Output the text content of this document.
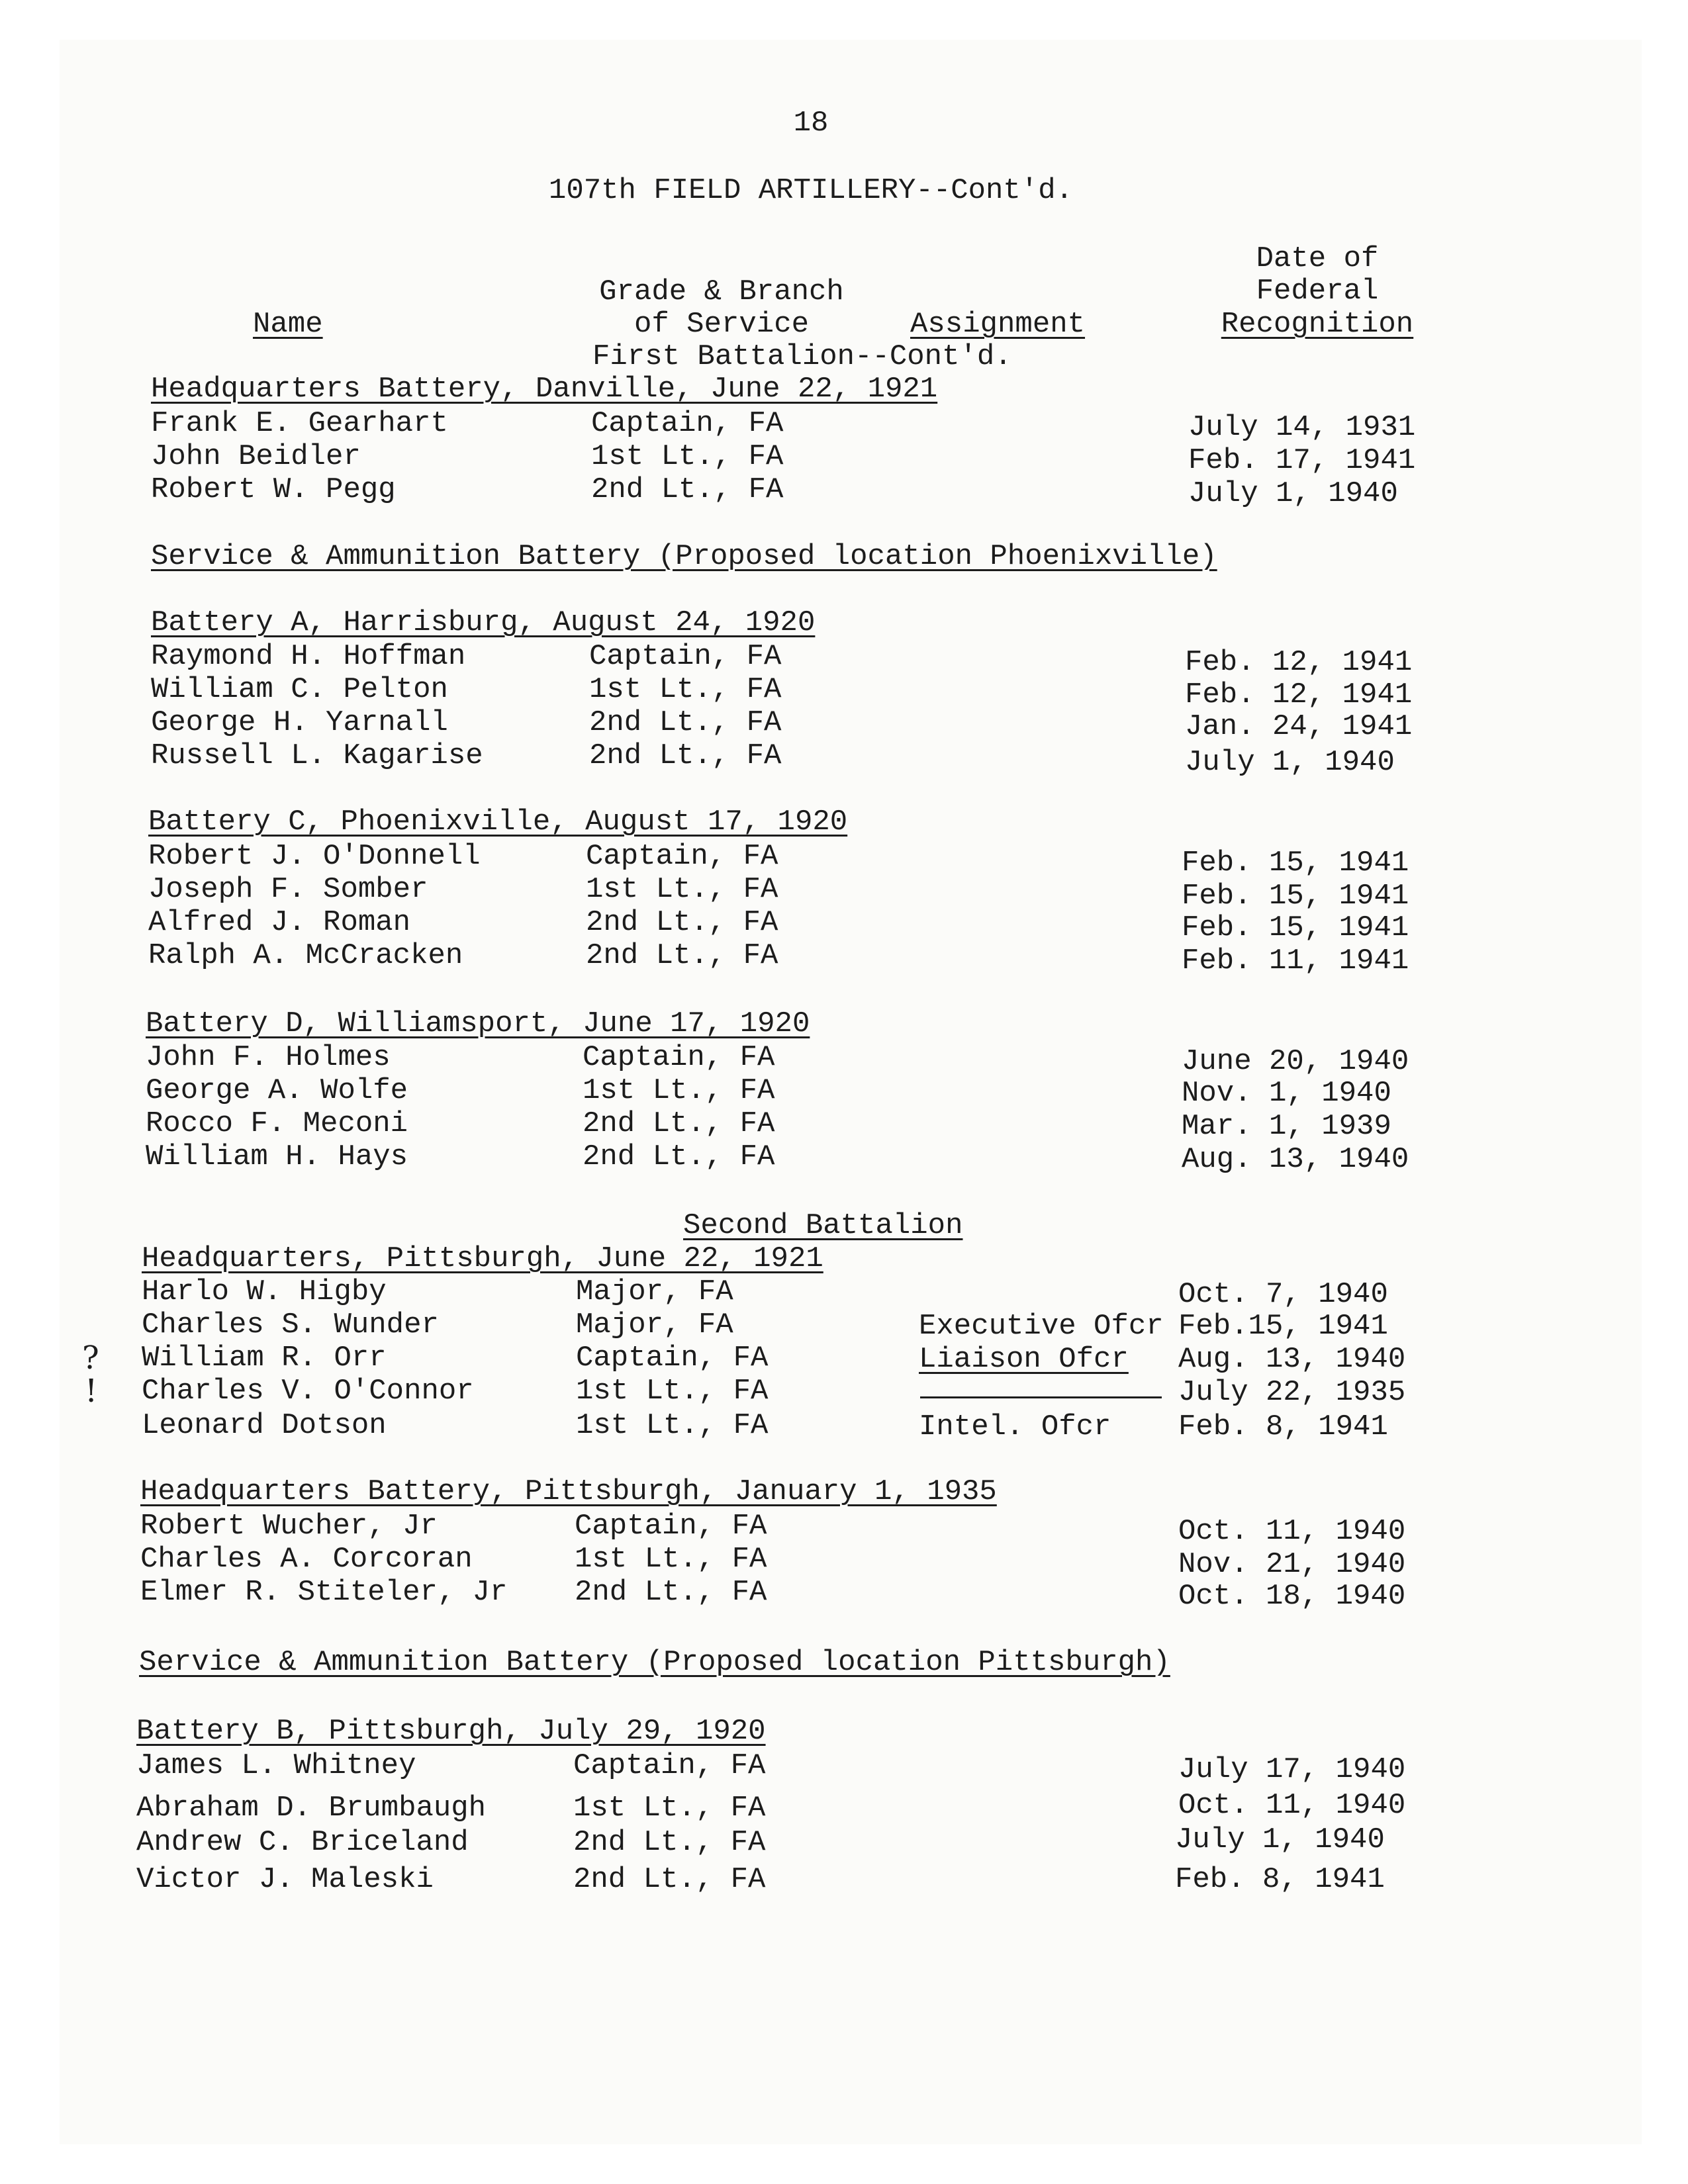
18
107th FIELD ARTILLERY--Cont'd.
Name
Grade & Branch
of Service	Assignment
Date of
Federal
Recognition
First Battalion--Cont'd.
Headquarters Battery, Danville, June 22, 1921
Frank E. Gearhart	Captain, FA	July 14, 1931
John Beidler	1st Lt., FA	Feb. 17, 1941
Robert W. Pegg	2nd Lt., FA	July 1, 1940
Service & Ammunition Battery (Proposed location Phoenixville)
Battery A, Harrisburg, August 24, 1920
Raymond H. Hoffman	Captain, FA	Feb. 12, 1941
William C. Pelton	1st Lt., FA	Feb. 12, 1941
George H. Yarnall	2nd Lt., FA	Jan. 24, 1941
Russell L. Kagarise	2nd Lt., FA	July 1, 1940
Battery C, Phoenixville, August 17, 1920
Robert J. O'Donnell	Captain, FA	Feb. 15, 1941
Joseph F. Somber	1st Lt., FA	Feb. 15, 1941
Alfred J. Roman	2nd Lt., FA	Feb. 15, 1941
Ralph A. McCracken	2nd Lt., FA	Feb. 11, 1941
Battery D, Williamsport, June 17, 1920
John F. Holmes	Captain, FA	June 20, 1940
George A. Wolfe	1st Lt., FA	Nov. 1, 1940
Rocco F. Meconi	2nd Lt., FA	Mar. 1, 1939
William H. Hays	2nd Lt., FA	Aug. 13, 1940
Second Battalion
Headquarters, Pittsburgh, June 22, 1921
Harlo W. Higby	Major, FA	Oct. 7, 1940
Charles S. Wunder	Major, FA	Executive Ofcr Feb.15, 1941
? William R. Orr	Captain, FA	Liaison Ofcr Aug. 13, 1940
! Charles V. O'Connor	1st Lt., FA	July 22, 1935
Leonard Dotson	1st Lt., FA	Intel. Ofcr Feb. 8, 1941
Headquarters Battery, Pittsburgh, January 1, 1935
Robert Wucher, Jr	Captain, FA	Oct. 11, 1940
Charles A. Corcoran	1st Lt., FA	Nov. 21, 1940
Elmer R. Stiteler, Jr 2nd Lt., FA	Oct. 18, 1940
Service & Ammunition Battery (Proposed location Pittsburgh)
Battery B, Pittsburgh, July 29, 1920
James L. Whitney	Captain, FA	July 17, 1940
Abraham D. Brumbaugh	1st Lt., FA	Oct. 11, 1940
Andrew C. Briceland	2nd Lt., FA	July 1, 1940
Victor J. Maleski	2nd Lt., FA	Feb. 8, 1941
